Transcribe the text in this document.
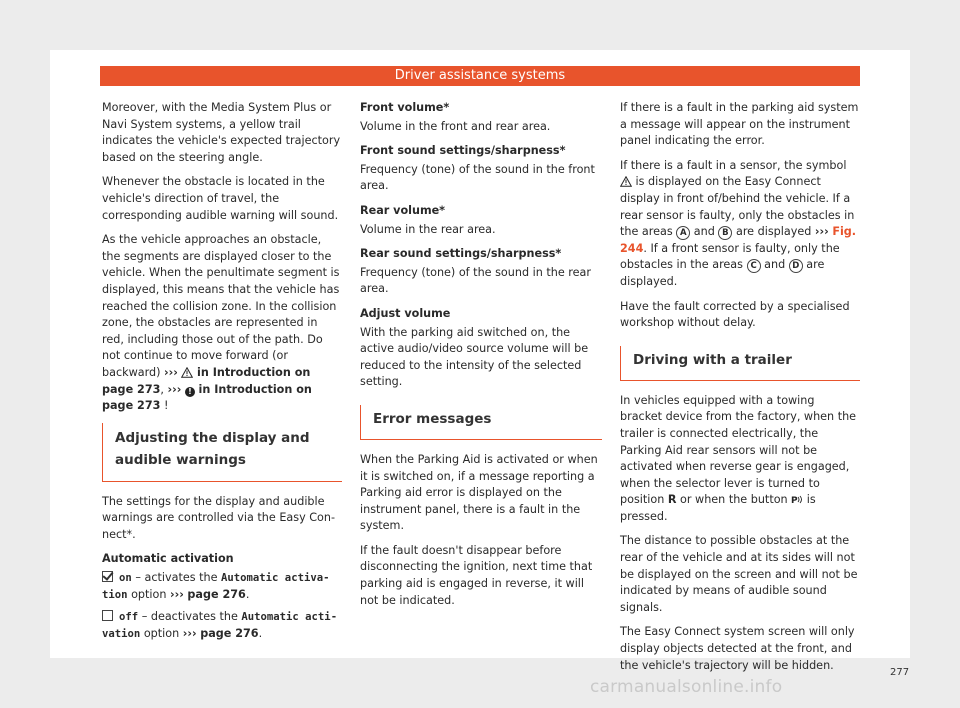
Driver assistance systems

Moreover, with the Media System Plus or Navi System systems, a yellow trail indicates the vehicle's expected trajectory based on the steering angle.

Whenever the obstacle is located in the vehicle's direction of travel, the corresponding audible warning will sound.

As the vehicle approaches an obstacle, the segments are displayed closer to the vehicle. When the penultimate segment is displayed, this means that the vehicle has reached the collision zone. In the collision zone, the obstacles are represented in red, including those out of the path. Do not continue to move forward (or backward) ››› in Introduction on page 273, ››› ! in Introduction on page 273 !

Adjusting the display and audible warnings

The settings for the display and audible warnings are controlled via the Easy Connect*.

Automatic activation

on – activates the Automatic activation option ››› page 276.

off – deactivates the Automatic activation option ››› page 276.

Front volume*

Volume in the front and rear area.

Front sound settings/sharpness*

Frequency (tone) of the sound in the front area.

Rear volume*

Volume in the rear area.

Rear sound settings/sharpness*

Frequency (tone) of the sound in the rear area.

Adjust volume

With the parking aid switched on, the active audio/video source volume will be reduced to the intensity of the selected setting.

Error messages

When the Parking Aid is activated or when it is switched on, if a message reporting a Parking aid error is displayed on the instrument panel, there is a fault in the system.

If the fault doesn't disappear before disconnecting the ignition, next time that parking aid is engaged in reverse, it will not be indicated.

If there is a fault in the parking aid system a message will appear on the instrument panel indicating the error.

If there is a fault in a sensor, the symbol  is displayed on the Easy Connect display in front of/behind the vehicle. If a rear sensor is faulty, only the obstacles in the areas A and B are displayed ››› Fig. 244. If a front sensor is faulty, only the obstacles in the areas C and D are displayed.

Have the fault corrected by a specialised workshop without delay.

Driving with a trailer

In vehicles equipped with a towing bracket device from the factory, when the trailer is connected electrically, the Parking Aid rear sensors will not be activated when reverse gear is engaged, when the selector lever is turned to position R or when the button P is pressed.

The distance to possible obstacles at the rear of the vehicle and at its sides will not be displayed on the screen and will not be indicated by means of audible sound signals.

The Easy Connect system screen will only display objects detected at the front, and the vehicle's trajectory will be hidden.

277
carmanualsonline.info
